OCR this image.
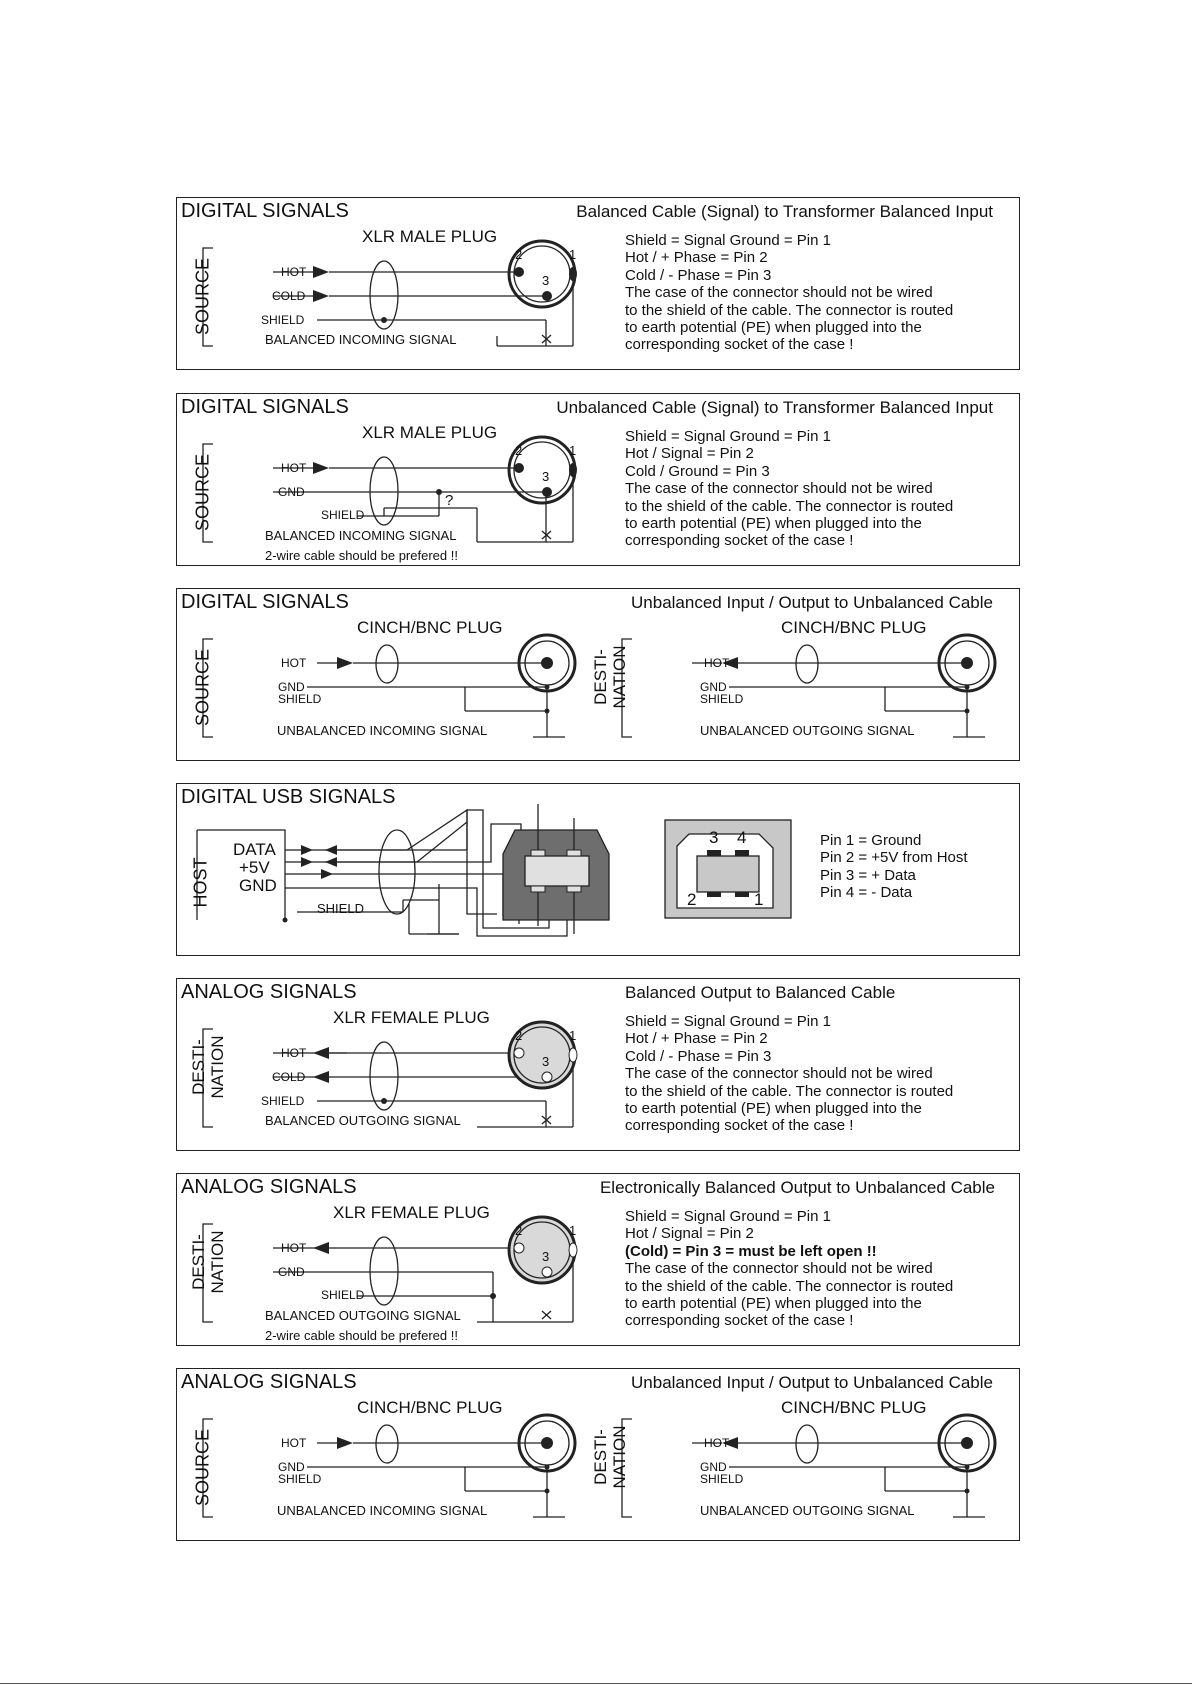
DIGITAL SIGNALS	Balanced Cable (Signal) to Transformer Balanced Input
XLR MALE PLUG
2	1
3
SOURCE	HOT
COLD
SHIELD
BALANCED INCOMING SIGNAL
Shield = Signal Ground = Pin 1
Hot / + Phase = Pin 2
Cold / - Phase = Pin 3
The case of the connector should not be wired
to the shield of the cable. The connector is routed
to earth potential (PE) when plugged into the
corresponding socket of the case !
DIGITAL SIGNALS	Unbalanced Cable (Signal) to Transformer Balanced Input
XLR MALE PLUG
2	1
3
?
SOURCE	HOT
GND
SHIELD
BALANCED INCOMING SIGNAL
2-wire cable should be prefered !!
Shield = Signal Ground = Pin 1
Hot / Signal = Pin 2
Cold / Ground = Pin 3
The case of the connector should not be wired
to the shield of the cable. The connector is routed
to earth potential (PE) when plugged into the
corresponding socket of the case !
DIGITAL SIGNALS	Unbalanced Input / Output to Unbalanced Cable
CINCH/BNC PLUG	CINCH/BNC PLUG
SOURCE	DESTI- NATION
HOT
GND
SHIELD
UNBALANCED INCOMING SIGNAL
HOT
GND
SHIELD
UNBALANCED OUTGOING SIGNAL
DIGITAL USB SIGNALS
HOST
DATA
+5V
GND
SHIELD
3 4
2	1
Pin 1 = Ground
Pin 2 = +5V from Host
Pin 3 = + Data
Pin 4 = - Data
ANALOG SIGNALS	Balanced Output to Balanced Cable
XLR FEMALE PLUG
2	1
3
DESTI- NATION	HOT
COLD
SHIELD
BALANCED OUTGOING SIGNAL
Shield = Signal Ground = Pin 1
Hot / + Phase = Pin 2
Cold / - Phase = Pin 3
The case of the connector should not be wired
to the shield of the cable. The connector is routed
to earth potential (PE) when plugged into the
corresponding socket of the case !
ANALOG SIGNALS	Electronically Balanced Output to Unbalanced Cable
XLR FEMALE PLUG
2	1
3
DESTI- NATION	HOT
GND
SHIELD
BALANCED OUTGOING SIGNAL
2-wire cable should be prefered !!
Shield = Signal Ground = Pin 1
Hot / Signal = Pin 2
(Cold) = Pin 3 = must be left open !!
The case of the connector should not be wired
to the shield of the cable. The connector is routed
to earth potential (PE) when plugged into the
corresponding socket of the case !
ANALOG SIGNALS	Unbalanced Input / Output to Unbalanced Cable
CINCH/BNC PLUG	CINCH/BNC PLUG
SOURCE	DESTI- NATION
HOT
GND
SHIELD
UNBALANCED INCOMING SIGNAL
HOT
GND
SHIELD
UNBALANCED OUTGOING SIGNAL
